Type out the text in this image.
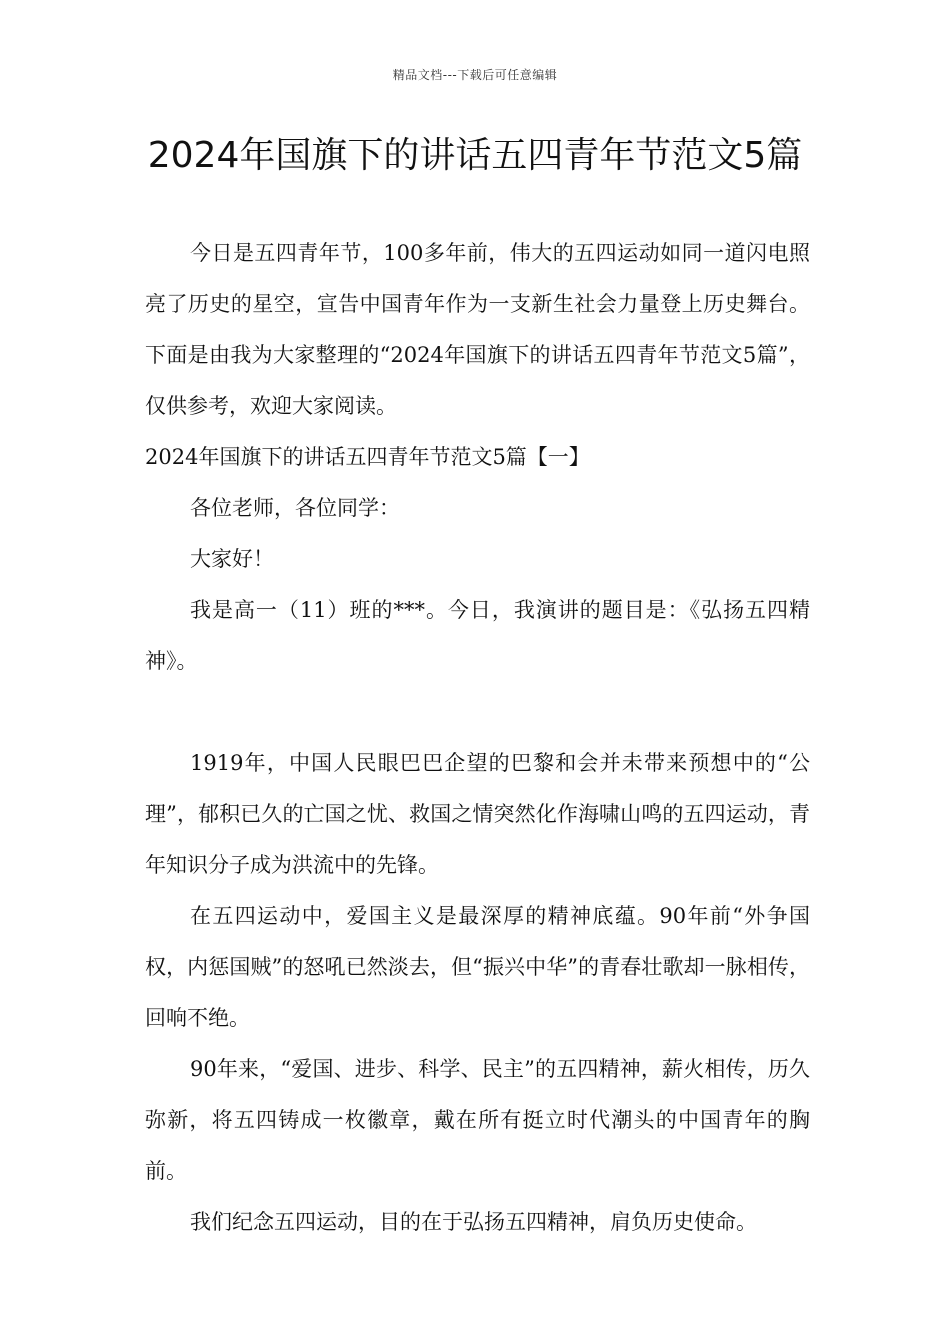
精品文档---下载后可任意编辑
2024年国旗下的讲话五四青年节范文5篇

今日是五四青年节，100多年前，伟大的五四运动如同一道闪电照亮了历史的星空，宣告中国青年作为一支新生社会力量登上历史舞台。下面是由我为大家整理的“2024年国旗下的讲话五四青年节范文5篇”，仅供参考，欢迎大家阅读。

2024年国旗下的讲话五四青年节范文5篇【一】

各位老师，各位同学：

大家好！

我是高一（11）班的***。今日，我演讲的题目是：《弘扬五四精神》。

1919年，中国人民眼巴巴企望的巴黎和会并未带来预想中的“公理”，郁积已久的亡国之忧、救国之情突然化作海啸山鸣的五四运动，青年知识分子成为洪流中的先锋。

在五四运动中，爱国主义是最深厚的精神底蕴。90年前“外争国权，内惩国贼”的怒吼已然淡去，但“振兴中华”的青春壮歌却一脉相传，回响不绝。

90年来，“爱国、进步、科学、民主”的五四精神，薪火相传，历久弥新，将五四铸成一枚徽章，戴在所有挺立时代潮头的中国青年的胸前。

我们纪念五四运动，目的在于弘扬五四精神，肩负历史使命。
